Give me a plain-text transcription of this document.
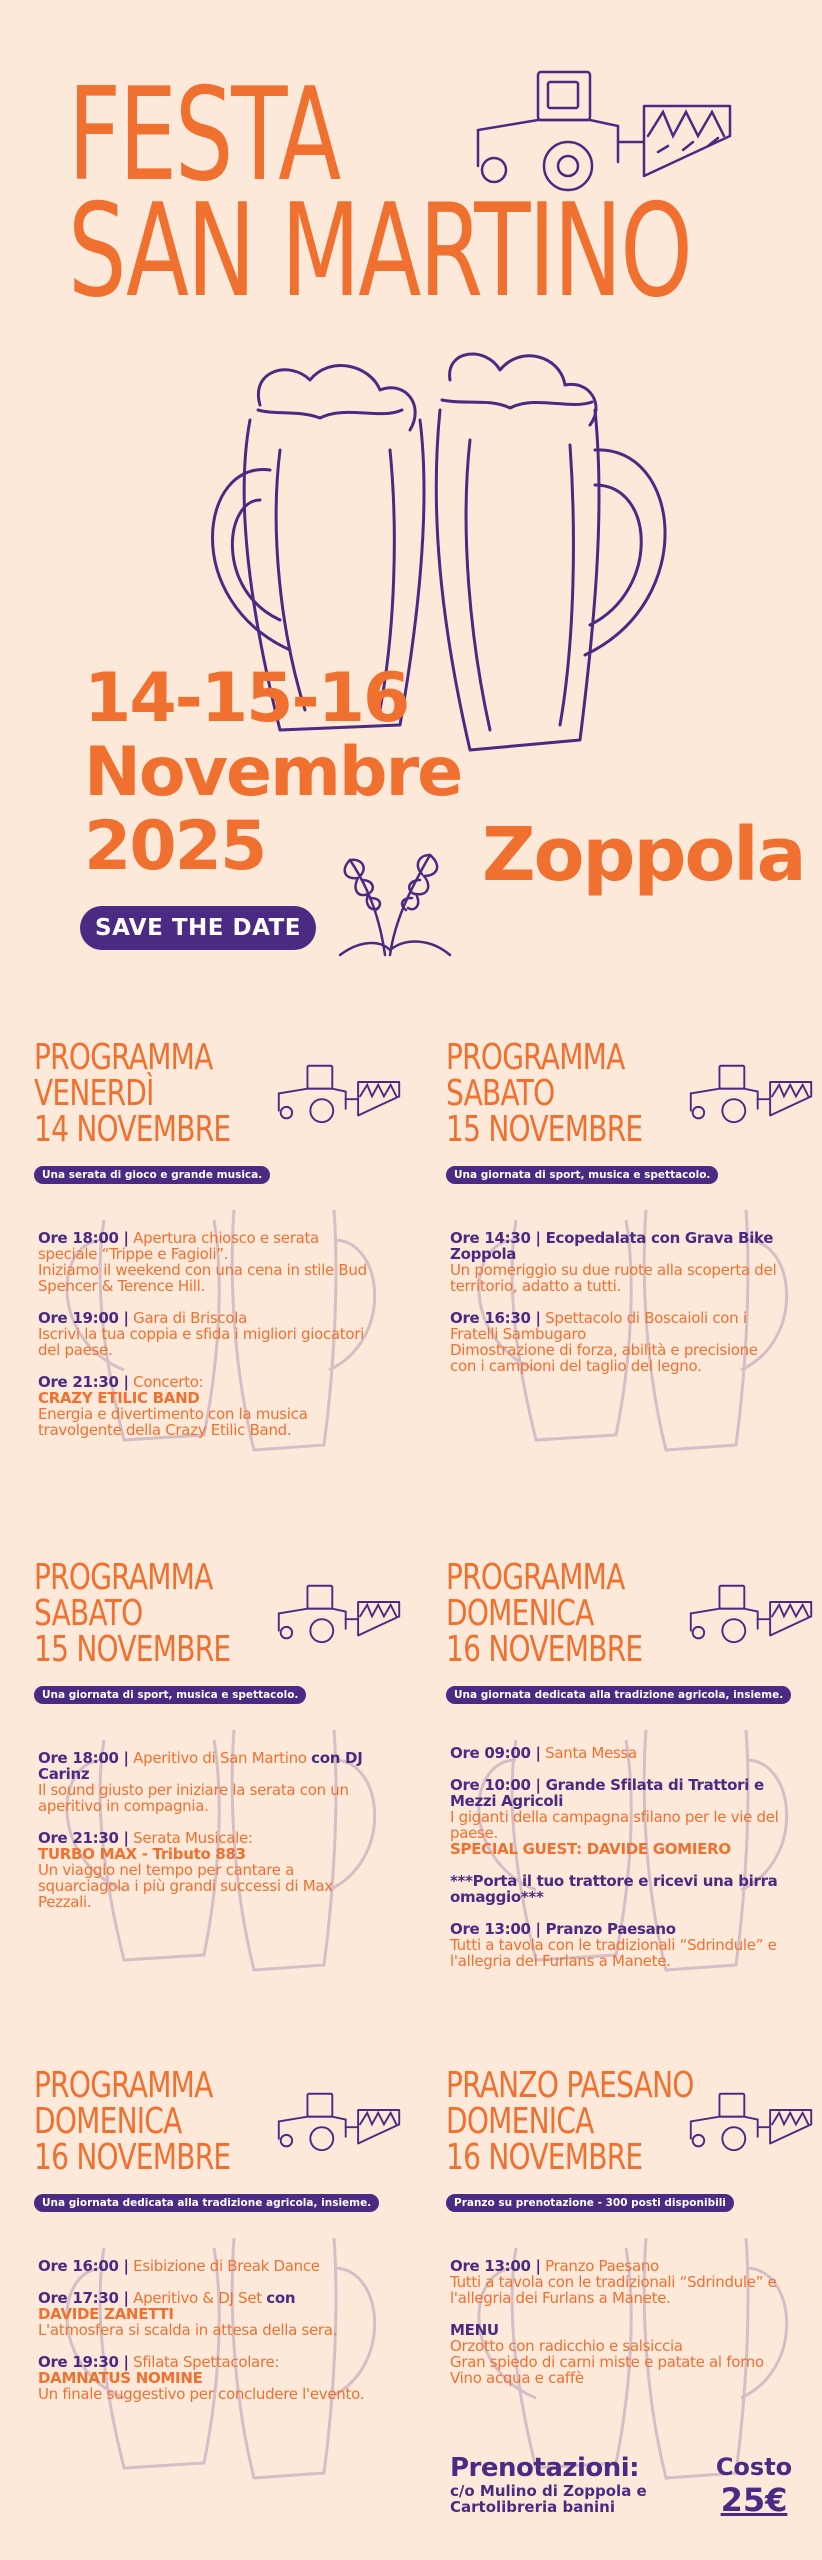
FESTA
SAN MARTINO
14-15-16
Novembre
2025	Zoppola
SAVE THE DATE
PROGRAMMA
VENERDÌ
14 NOVEMBRE
Una serata di gioco e grande musica.
Ore 18:00 | Apertura chiosco e serata speciale “Trippe e Fagioli”.
Iniziamo il weekend con una cena in stile Bud Spencer & Terence Hill.
Ore 19:00 | Gara di Briscola
Iscrivi la tua coppia e sfida i migliori giocatori del paese.
Ore 21:30 | Concerto:
CRAZY ETILIC BAND
Energia e divertimento con la musica travolgente della Crazy Etilic Band.
PROGRAMMA
SABATO
15 NOVEMBRE
Una giornata di sport, musica e spettacolo.
Ore 14:30 | Ecopedalata con Grava Bike Zoppola
Un pomeriggio su due ruote alla scoperta del territorio, adatto a tutti.
Ore 16:30 | Spettacolo di Boscaioli con i Fratelli Sambugaro
Dimostrazione di forza, abilità e precisione con i campioni del taglio del legno.
PROGRAMMA
SABATO
15 NOVEMBRE
Una giornata di sport, musica e spettacolo.
Ore 18:00 | Aperitivo di San Martino con DJ Carinz
Il sound giusto per iniziare la serata con un aperitivo in compagnia.
Ore 21:30 | Serata Musicale:
TURBO MAX - Tributo 883
Un viaggio nel tempo per cantare a squarciagola i più grandi successi di Max Pezzali.
PROGRAMMA
DOMENICA
16 NOVEMBRE
Una giornata dedicata alla tradizione agricola, insieme.
Ore 09:00 | Santa Messa
Ore 10:00 | Grande Sfilata di Trattori e Mezzi Agricoli
I giganti della campagna sfilano per le vie del paese.
SPECIAL GUEST: DAVIDE GOMIERO
***Porta il tuo trattore e ricevi una birra omaggio***
Ore 13:00 | Pranzo Paesano
Tutti a tavola con le tradizionali “Sdrindule” e l'allegria dei Furlans a Manete.
PROGRAMMA
DOMENICA
16 NOVEMBRE
Una giornata dedicata alla tradizione agricola, insieme.
Ore 16:00 | Esibizione di Break Dance
Ore 17:30 | Aperitivo & DJ Set con
DAVIDE ZANETTI
L'atmosfera si scalda in attesa della sera.
Ore 19:30 | Sfilata Spettacolare:
DAMNATUS NOMINE
Un finale suggestivo per concludere l'evento.
PRANZO PAESANO
DOMENICA
16 NOVEMBRE
Pranzo su prenotazione - 300 posti disponibili
Ore 13:00 | Pranzo Paesano
Tutti a tavola con le tradizionali “Sdrindule” e l'allegria dei Furlans a Manete.
MENU
Orzotto con radicchio e salsiccia
Gran spiedo di carni miste e patate al forno
Vino acqua e caffè
Prenotazioni:
c/o Mulino di Zoppola e Cartolibreria banini
Costo
25€
